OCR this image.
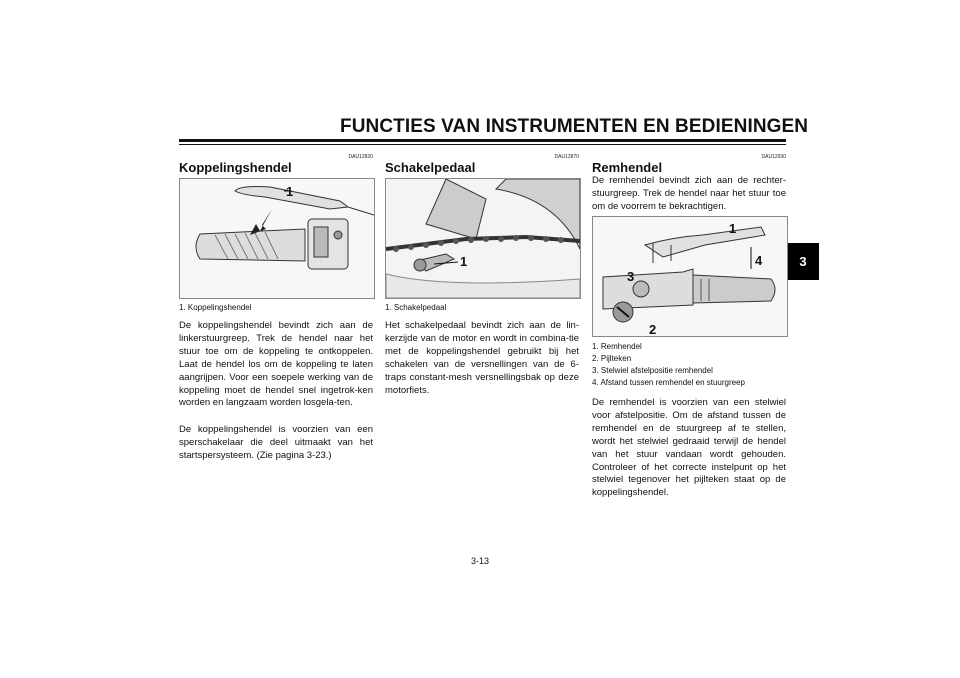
FUNCTIES VAN INSTRUMENTEN EN BEDIENINGEN
3
DAU12820
Koppelingshendel
1
1. Koppelingshendel

De koppelingshendel bevindt zich aan de linkerstuurgreep. Trek de hendel naar het stuur toe om de koppeling te ontkoppelen. Laat de hendel los om de koppeling te laten aangrijpen. Voor een soepele werking van de koppeling moet de hendel snel ingetrok-ken worden en langzaam worden losgela-ten.

De koppelingshendel is voorzien van een sperschakelaar die deel uitmaakt van het startspersysteem. (Zie pagina 3-23.)

DAU12870
Schakelpedaal
1
1. Schakelpedaal

Het schakelpedaal bevindt zich aan de lin-kerzijde van de motor en wordt in combina-tie met de koppelingshendel gebruikt bij het schakelen van de versnellingen van de 6-traps constant-mesh versnellingsbak op deze motorfiets.

DAU12930
Remhendel

De remhendel bevindt zich aan de rechter-stuurgreep. Trek de hendel naar het stuur toe om de voorrem te bekrachtigen.

1
2
3
4
1. Remhendel
2. Pijlteken
3. Stelwiel afstelpositie remhendel
4. Afstand tussen remhendel en stuurgreep

De remhendel is voorzien van een stelwiel voor afstelpositie. Om de afstand tussen de remhendel en de stuurgreep af te stellen, wordt het stelwiel gedraaid terwijl de hendel van het stuur vandaan wordt gehouden. Controleer of het correcte instelpunt op het stelwiel tegenover het pijlteken staat op de koppelingshendel.

3-13
